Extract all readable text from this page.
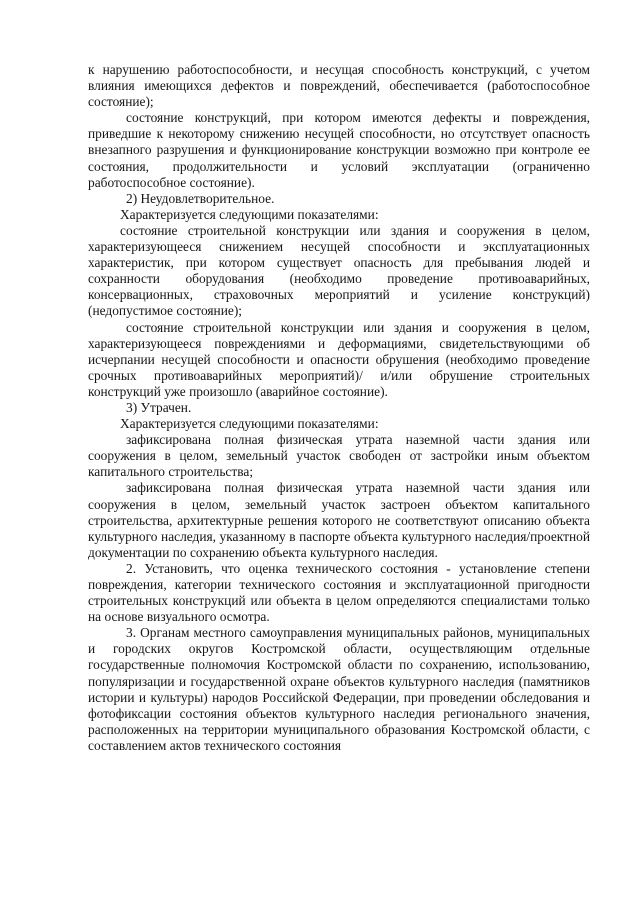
к нарушению работоспособности, и несущая способность конструкций, с учетом влияния имеющихся дефектов и повреждений, обеспечивается (работоспособное состояние);

состояние конструкций, при котором имеются дефекты и повреждения, приведшие к некоторому снижению несущей способности, но отсутствует опасность внезапного разрушения и функционирование конструкции возможно при контроле ее состояния, продолжительности и условий эксплуатации (ограниченно работоспособное состояние).

2) Неудовлетворительное.

Характеризуется следующими показателями:

состояние строительной конструкции или здания и сооружения в целом, характеризующееся снижением несущей способности и эксплуатационных характеристик, при котором существует опасность для пребывания людей и сохранности оборудования (необходимо проведение противоаварийных, консервационных, страховочных мероприятий и усиление конструкций) (недопустимое состояние);

состояние строительной конструкции или здания и сооружения в целом, характеризующееся повреждениями и деформациями, свидетельствующими об исчерпании несущей способности и опасности обрушения (необходимо проведение срочных противоаварийных мероприятий)/ и/или обрушение строительных конструкций уже произошло (аварийное состояние).

3) Утрачен.

Характеризуется следующими показателями:

зафиксирована полная физическая утрата наземной части здания или сооружения в целом, земельный участок свободен от застройки иным объектом капитального строительства;

зафиксирована полная физическая утрата наземной части здания или сооружения в целом, земельный участок застроен объектом капитального строительства, архитектурные решения которого не соответствуют описанию объекта культурного наследия, указанному в паспорте объекта культурного наследия/проектной документации по сохранению объекта культурного наследия.

2. Установить, что оценка технического состояния - установление степени повреждения, категории технического состояния и эксплуатационной пригодности строительных конструкций или объекта в целом определяются специалистами только на основе визуального осмотра.

3. Органам местного самоуправления муниципальных районов, муниципальных и городских округов Костромской области, осуществляющим отдельные государственные полномочия Костромской области по сохранению, использованию, популяризации и государственной охране объектов культурного наследия (памятников истории и культуры) народов Российской Федерации, при проведении обследования и фотофиксации состояния объектов культурного наследия регионального значения, расположенных на территории муниципального образования Костромской области, с составлением актов технического состояния
